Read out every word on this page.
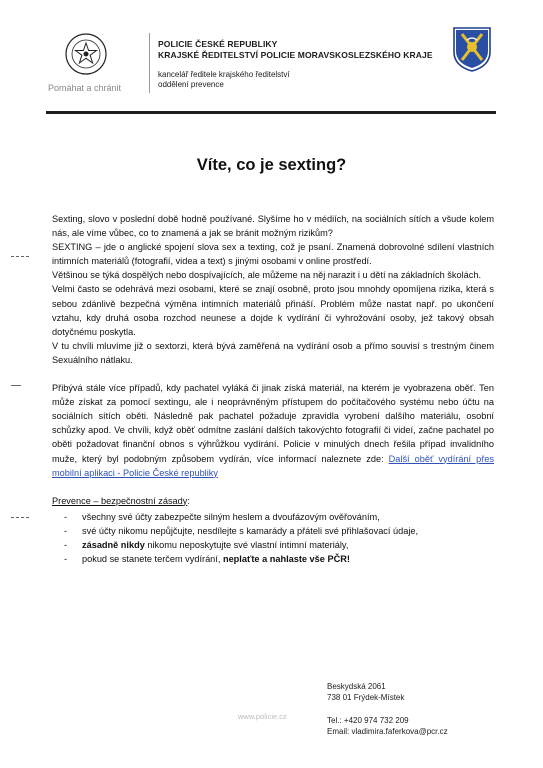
Pomáhat a chránit
POLICIE ČESKÉ REPUBLIKY
KRAJSKÉ ŘEDITELSTVÍ POLICIE MORAVSKOSLEZSKÉHO KRAJE
kancelář ředitele krajského ředitelství
oddělení prevence
Víte, co je sexting?

Sexting, slovo v poslední době hodně používané. Slyšíme ho v médiích, na sociálních sítích a všude kolem nás, ale víme vůbec, co to znamená a jak se bránit možným rizikům?

SEXTING – jde o anglické spojení slova sex a texting, což je psaní. Znamená dobrovolné sdílení vlastních intimních materiálů (fotografií, videa a text) s jinými osobami v online prostředí.

Většinou se týká dospělých nebo dospívajících, ale můžeme na něj narazit i u dětí na základních školách.

Velmi často se odehrává mezi osobami, které se znají osobně, proto jsou mnohdy opomíjena rizika, která s sebou zdánlivě bezpečná výměna intimních materiálů přináší. Problém může nastat např. po ukončení vztahu, kdy druhá osoba rozchod neunese a dojde k vydírání či vyhrožování osoby, jež takový obsah dotyčnému poskytla.

V tu chvíli mluvíme již o sextorzi, která bývá zaměřená na vydírání osob a přímo souvisí s trestným činem Sexuálního nátlaku.

Přibývá stále více případů, kdy pachatel vyláká či jinak získá materiál, na kterém je vyobrazena oběť. Ten může získat za pomocí sextingu, ale i neoprávněným přístupem do počítačového systému nebo účtu na sociálních sítích oběti. Následně pak pachatel požaduje zpravidla vyrobení dalšího materiálu, osobní schůzky apod. Ve chvíli, když oběť odmítne zaslání dalších takovýchto fotografií či videí, začne pachatel po oběti požadovat finanční obnos s výhrůžkou vydírání. Policie v minulých dnech řešila případ invalidního muže, který byl podobným způsobem vydírán, více informací naleznete zde: Další oběť vydírání přes mobilní aplikaci - Policie České republiky

Prevence – bezpečnostní zásady:

- všechny své účty zabezpečte silným heslem a dvoufázovým ověřováním,
- své účty nikomu nepůjčujte, nesdílejte s kamarády a přáteli své přihlašovací údaje,
- zásadně nikdy nikomu neposkytujte své vlastní intimní materiály,
- pokud se stanete terčem vydírání, neplaťte a nahlaste vše PČR!
www.policie.cz
Beskydská 2061
738 01 Frýdek-Místek
Tel.: +420 974 732 209
Email: vladimira.faferkova@pcr.cz
